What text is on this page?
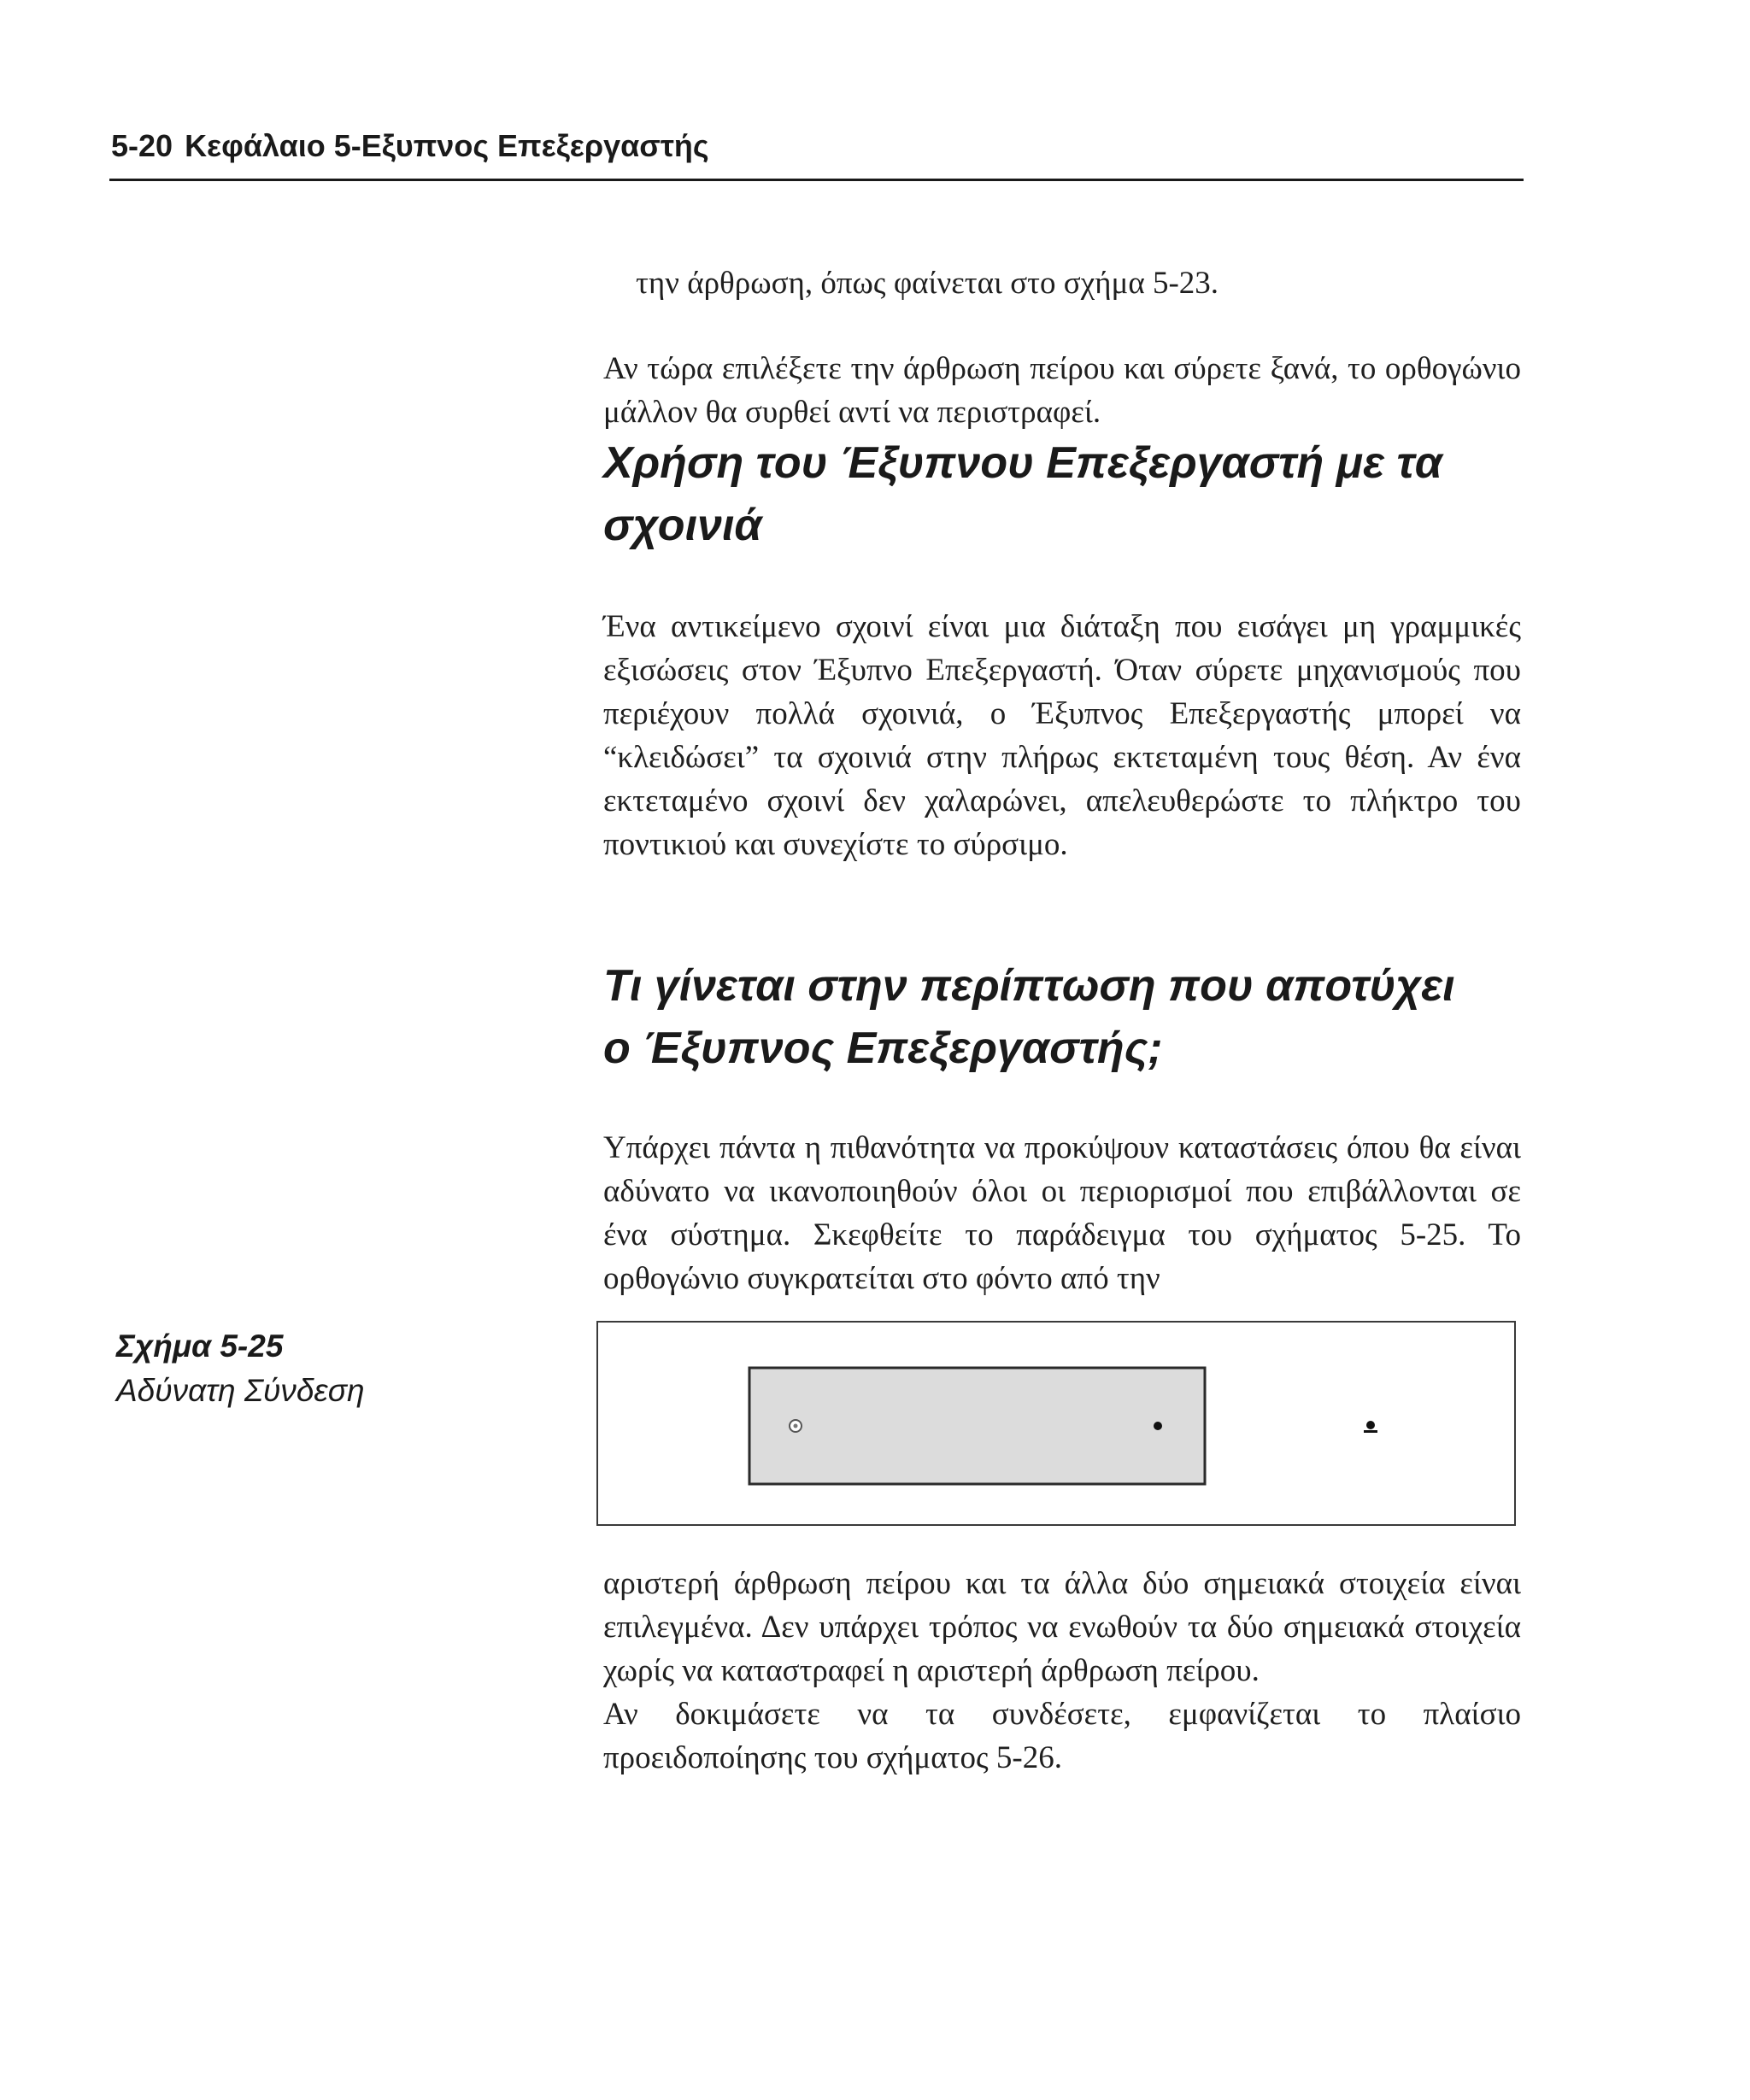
5-20 Κεφάλαιο 5-Εξυπνος Επεξεργαστής

την άρθρωση, όπως φαίνεται στο σχήμα 5-23.

Αν τώρα επιλέξετε την άρθρωση πείρου και σύρετε ξανά, το ορθογώνιο μάλλον θα συρθεί αντί να περιστραφεί.

Χρήση του Έξυπνου Επεξεργαστή με τα σχοινιά

Ένα αντικείμενο σχοινί είναι μια διάταξη που εισάγει μη γραμμικές εξισώσεις στον Έξυπνο Επεξεργαστή. Όταν σύρετε μηχανισμούς που περιέχουν πολλά σχοινιά, ο Έξυπνος Επεξεργαστής μπορεί να “κλειδώσει” τα σχοινιά στην πλήρως εκτεταμένη τους θέση. Αν ένα εκτεταμένο σχοινί δεν χαλαρώνει, απελευθερώστε το πλήκτρο του ποντικιού και συνεχίστε το σύρσιμο.

Τι γίνεται στην περίπτωση που αποτύχει ο Έξυπνος Επεξεργαστής;

Υπάρχει πάντα η πιθανότητα να προκύψουν καταστάσεις όπου θα είναι αδύνατο να ικανοποιηθούν όλοι οι περιορισμοί που επιβάλλονται σε ένα σύστημα. Σκεφθείτε το παράδειγμα του σχήματος 5-25. Το ορθογώνιο συγκρατείται στο φόντο από την

Σχήμα 5-25
Αδύνατη Σύνδεση

αριστερή άρθρωση πείρου και τα άλλα δύο σημειακά στοιχεία είναι επιλεγμένα. Δεν υπάρχει τρόπος να ενωθούν τα δύο σημειακά στοιχεία χωρίς να καταστραφεί η αριστερή άρθρωση πείρου.

Αν δοκιμάσετε να τα συνδέσετε, εμφανίζεται το πλαίσιο προειδοποίησης του σχήματος 5-26.
